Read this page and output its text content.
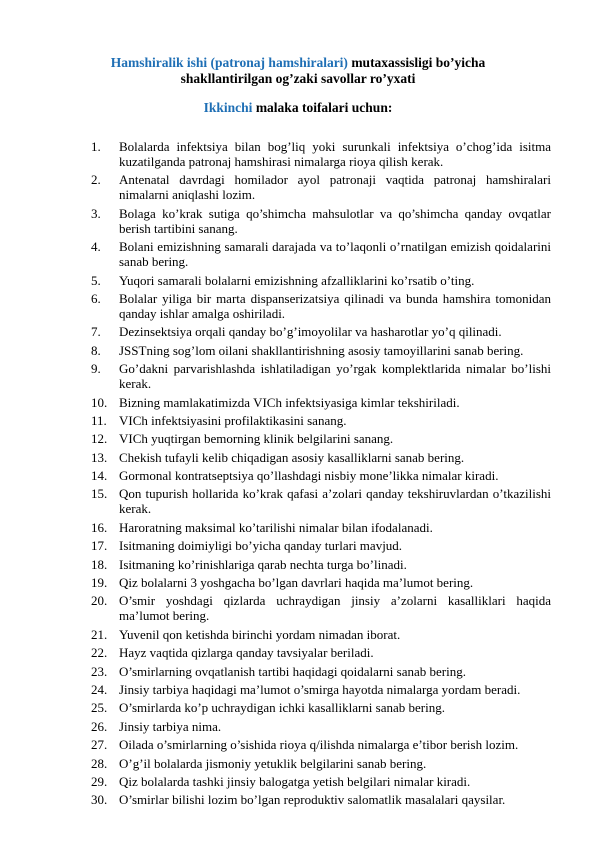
Hamshiralik ishi (patronaj hamshiralari) mutaxassisligi bo’yicha
shakllantirilgan og’zaki savollar ro’yxati
Ikkinchi malaka toifalari uchun:
1.	Bolalarda infektsiya bilan bog’liq yoki surunkali infektsiya o’chog’ida isitma kuzatilganda patronaj hamshirasi nimalarga rioya qilish kerak.
2.	Antenatal davrdagi homilador ayol patronaji vaqtida patronaj hamshiralari nimalarni aniqlashi lozim.
3.	Bolaga ko’krak sutiga qo’shimcha mahsulotlar va qo’shimcha qanday ovqatlar berish tartibini sanang.
4.	Bolani emizishning samarali darajada va to’laqonli o’rnatilgan emizish qoidalarini sanab bering.
5.	Yuqori samarali bolalarni emizishning afzalliklarini ko’rsatib o’ting.
6.	Bolalar yiliga bir marta dispanserizatsiya qilinadi va bunda hamshira tomonidan qanday ishlar amalga oshiriladi.
7.	Dezinsektsiya orqali qanday bo’g’imoyolilar va hasharotlar yo’q qilinadi.
8.	JSSTning sog’lom oilani shakllantirishning asosiy tamoyillarini sanab bering.
9.	Go’dakni parvarishlashda ishlatiladigan yo’rgak komplektlarida nimalar bo’lishi kerak.
10. Bizning mamlakatimizda VICh infektsiyasiga kimlar tekshiriladi.
11. VICh infektsiyasini profilaktikasini sanang.
12. VICh yuqtirgan bemorning klinik belgilarini sanang.
13. Chekish tufayli kelib chiqadigan asosiy kasalliklarni sanab bering.
14. Gormonal kontratseptsiya qo’llashdagi nisbiy mone’likka nimalar kiradi.
15. Qon tupurish hollarida ko’krak qafasi a’zolari qanday tekshiruvlardan o’tkazilishi kerak.
16. Haroratning maksimal ko’tarilishi nimalar bilan ifodalanadi.
17. Isitmaning doimiyligi bo’yicha qanday turlari mavjud.
18. Isitmaning ko’rinishlariga qarab nechta turga bo’linadi.
19. Qiz bolalarni 3 yoshgacha bo’lgan davrlari haqida ma’lumot bering.
20. O’smir yoshdagi qizlarda uchraydigan jinsiy a’zolarni kasalliklari haqida ma’lumot bering.
21. Yuvenil qon ketishda birinchi yordam nimadan iborat.
22. Hayz vaqtida qizlarga qanday tavsiyalar beriladi.
23. O’smirlarning ovqatlanish tartibi haqidagi qoidalarni sanab bering.
24. Jinsiy tarbiya haqidagi ma’lumot o’smirga hayotda nimalarga yordam beradi.
25. O’smirlarda ko’p uchraydigan ichki kasalliklarni sanab bering.
26. Jinsiy tarbiya nima.
27. Oilada o’smirlarning o’sishida rioya q/ilishda nimalarga e’tibor berish lozim.
28. O’g’il bolalarda jismoniy yetuklik belgilarini sanab bering.
29. Qiz bolalarda tashki jinsiy balogatga yetish belgilari nimalar kiradi.
30. O’smirlar bilishi lozim bo’lgan reproduktiv salomatlik masalalari qaysilar.
